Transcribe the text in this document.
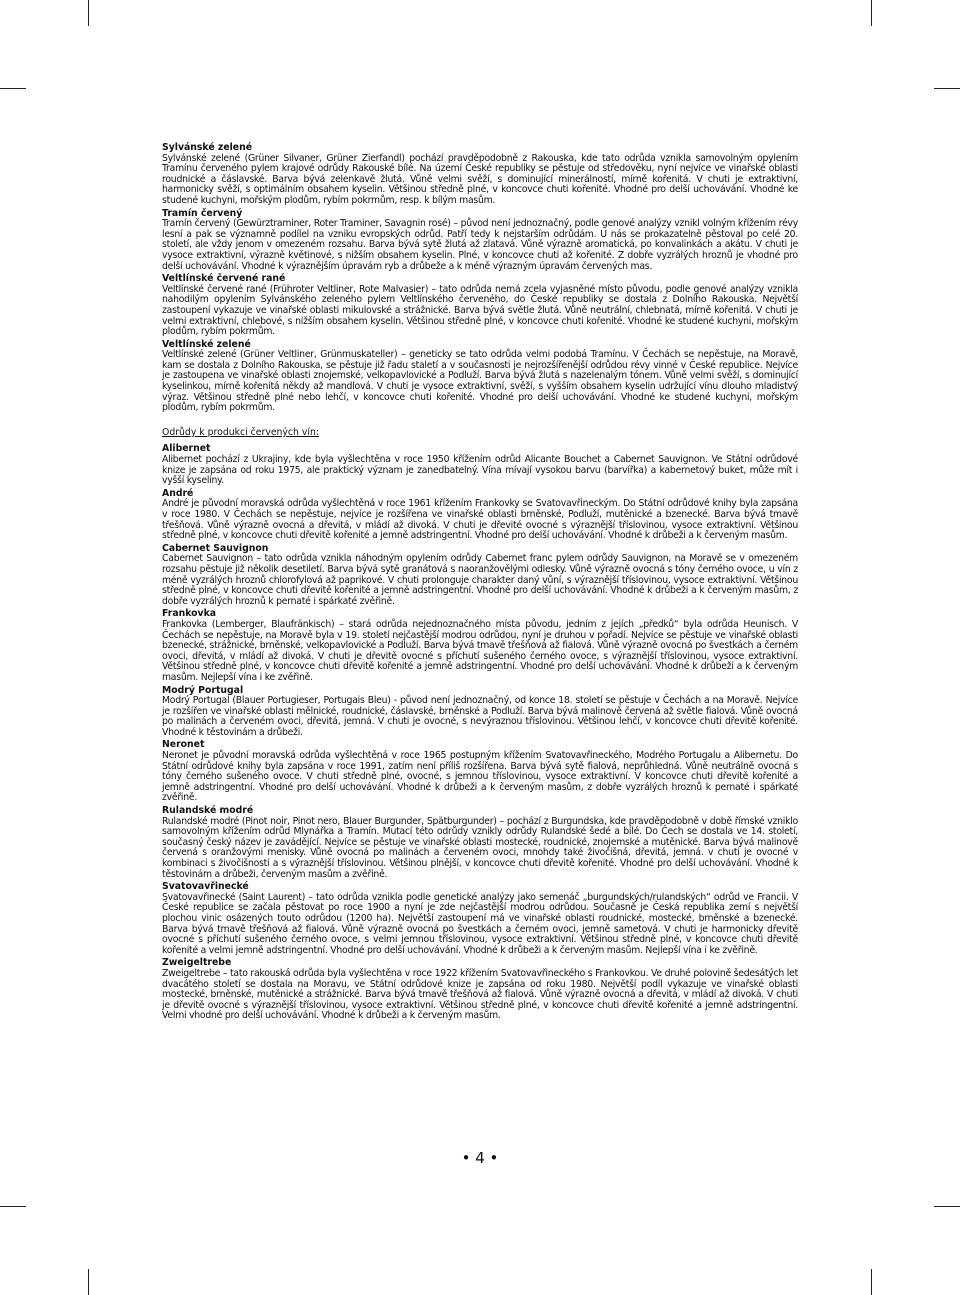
Sylvánské zelené

Sylvánské zelené (Grüner Silvaner, Grüner Zierfandl) pochází pravděpodobně z Rakouska, kde tato odrůda vznikla samovolným opylením Tramínu červeného pylem krajové odrůdy Rakouské bílé. Na území České republiky se pěstuje od středověku, nyní nejvíce ve vinařské oblasti roudnické a čáslavské. Barva bývá zelenkavě žlutá. Vůně velmi svěží, s dominující minerálností, mírně kořenitá. V chuti je extraktivní, harmonicky svěží, s optimálním obsahem kyselin. Většinou středně plné, v koncovce chuti kořenité. Vhodné pro delší uchovávání. Vhodné ke studené kuchyni, mořským plodům, rybím pokrmům, resp. k bílým masům.

Tramín červený

Tramín červený (Gewürztraminer, Roter Traminer, Savagnin rosé) – původ není jednoznačný, podle genové analýzy vznikl volným křížením révy lesní a pak se významně podílel na vzniku evropských odrůd. Patří tedy k nejstarším odrůdám. U nás se prokazatelně pěstoval po celé 20. století, ale vždy jenom v omezeném rozsahu. Barva bývá sytě žlutá až zlatavá. Vůně výrazně aromatická, po konvalinkách a akátu. V chuti je vysoce extraktivní, výrazně květinové, s nižším obsahem kyselin. Plné, v koncovce chuti až kořenité. Z dobře vyzrálých hroznů je vhodné pro delší uchovávání. Vhodné k výraznějším úpravám ryb a drůbeže a k méně výrazným úpravám červených mas.

Veltlínské červené rané

Veltlínské červené rané (Frühroter Veltliner, Rote Malvasier) – tato odrůda nemá zcela vyjasněné místo původu, podle genové analýzy vznikla nahodilým opylením Sylvánského zeleného pylem Veltlínského červeného, do České republiky se dostala z Dolního Rakouska. Největší zastoupení vykazuje ve vinařské oblasti mikulovské a strážnické. Barva bývá světle žlutá. Vůně neutrální, chlebnatá, mírně kořenitá. V chuti je velmi extraktivní, chlebové, s nižším obsahem kyselin. Většinou středně plné, v koncovce chuti kořenité. Vhodné ke studené kuchyni, mořským plodům, rybím pokrmům.

Veltlínské zelené

Veltlínské zelené (Grüner Veltliner, Grünmuskateller) – geneticky se tato odrůda velmi podobá Tramínu. V Čechách se nepěstuje, na Moravě, kam se dostala z Dolního Rakouska, se pěstuje již řadu staletí a v současnosti je nejrozšířenější odrůdou révy vinné v České republice. Nejvíce je zastoupena ve vinařské oblasti znojemské, velkopavlovické a Podluží. Barva bývá žlutá s nazelenalým tónem. Vůně velmi svěží, s dominující kyselinkou, mírně kořenitá někdy až mandlová. V chuti je vysoce extraktivní, svěží, s vyšším obsahem kyselin udržující vínu dlouho mladistvý výraz. Většinou středně plné nebo lehčí, v koncovce chuti kořenité. Vhodné pro delší uchovávání. Vhodné ke studené kuchyni, mořským plodům, rybím pokrmům.

Odrůdy k produkci červených vín:

Alibernet

Alibernet pochází z Ukrajiny, kde byla vyšlechtěna v roce 1950 křížením odrůd Alicante Bouchet a Cabernet Sauvignon. Ve Státní odrůdové knize je zapsána od roku 1975, ale praktický význam je zanedbatelný. Vína mívají vysokou barvu (barvířka) a kabernetový buket, může mít i vyšší kyseliny.

André

André je původní moravská odrůda vyšlechtěná v roce 1961 křížením Frankovky se Svatovavřineckým. Do Státní odrůdové knihy byla zapsána v roce 1980. V Čechách se nepěstuje, nejvíce je rozšířena ve vinařské oblasti brněnské, Podluží, mutěnické a bzenecké. Barva bývá tmavě třešňová. Vůně výrazně ovocná a dřevitá, v mládí až divoká. V chuti je dřevité ovocné s výraznější tříslovinou, vysoce extraktivní. Většinou středně plné, v koncovce chuti dřevitě kořenité a jemně adstringentní. Vhodné pro delší uchovávání. Vhodné k drůbeži a k červeným masům.

Cabernet Sauvignon

Cabernet Sauvignon – tato odrůda vznikla náhodným opylením odrůdy Cabernet franc pylem odrůdy Sauvignon, na Moravě se v omezeném rozsahu pěstuje již několik desetiletí. Barva bývá sytě granátová s naoranžovělými odlesky. Vůně výrazně ovocná s tóny černého ovoce, u vín z méně vyzrálých hroznů chlorofylová až paprikové. V chuti prolonguje charakter daný vůní, s výraznější tříslovinou, vysoce extraktivní. Většinou středně plné, v koncovce chuti dřevitě kořenité a jemně adstringentní. Vhodné pro delší uchovávání. Vhodné k drůbeži a k červeným masům, z dobře vyzrálých hroznů k pernaté i spárkaté zvěřině.

Frankovka

Frankovka (Lemberger, Blaufränkisch) – stará odrůda nejednoznačného místa původu, jedním z jejích „předků“ byla odrůda Heunisch. V Čechách se nepěstuje, na Moravě byla v 19. století nejčastější modrou odrůdou, nyní je druhou v pořadí. Nejvíce se pěstuje ve vinařské oblasti bzenecké, strážnické, brněnské, velkopavlovické a Podluží. Barva bývá tmavě třešňová až fialová. Vůně výrazně ovocná po švestkách a černém ovoci, dřevitá, v mládí až divoká. V chuti je dřevitě ovocné s příchutí sušeného černého ovoce, s výraznější tříslovinou, vysoce extraktivní. Většinou středně plné, v koncovce chuti dřevitě kořenité a jemně adstringentní. Vhodné pro delší uchovávání. Vhodné k drůbeži a k červeným masům. Nejlepší vína i ke zvěřině.

Modrý Portugal

Modrý Portugal (Blauer Portugieser, Portugais Bleu) - původ není jednoznačný, od konce 18. století se pěstuje v Čechách a na Moravě. Nejvíce je rozšířen ve vinařské oblasti mělnické, roudnické, čáslavské, brněnské a Podluží. Barva bývá malinově červená až světle fialová. Vůně ovocná po malinách a červeném ovoci, dřevitá, jemná. V chuti je ovocné, s nevýraznou tříslovinou. Většinou lehčí, v koncovce chuti dřevitě kořenité. Vhodné k těstovinám a drůbeži.

Neronet

Neronet je původní moravská odrůda vyšlechtěná v roce 1965 postupným křížením Svatovavřineckého, Modrého Portugalu a Alibernetu. Do Státní odrůdové knihy byla zapsána v roce 1991, zatím není příliš rozšířena. Barva bývá sytě fialová, neprůhledná. Vůně neutrálně ovocná s tóny černého sušeného ovoce. V chuti středně plné, ovocné, s jemnou tříslovinou, vysoce extraktivní. V koncovce chuti dřevitě kořenité a jemně adstringentní. Vhodné pro delší uchovávání. Vhodné k drůbeži a k červeným masům, z dobře vyzrálých hroznů k pernaté i spárkaté zvěřině.

Rulandské modré

Rulandské modré (Pinot noir, Pinot nero, Blauer Burgunder, Spätburgunder) – pochází z Burgundska, kde pravděpodobně v době římské vzniklo samovolným křížením odrůd Mlynářka a Tramín. Mutací této odrůdy vznikly odrůdy Rulandské šedé a bílé. Do Čech se dostala ve 14. století, současný český název je zavádějící. Nejvíce se pěstuje ve vinařské oblasti mostecké, roudnické, znojemské a mutěnické. Barva bývá malinově červená s oranžovými menisky. Vůně ovocná po malinách a červeném ovoci, mnohdy také živočišná, dřevitá, jemná. v chuti je ovocné v kombinaci s živočišností a s výraznější tříslovinou. Většinou plnější, v koncovce chuti dřevitě kořenité. Vhodné pro delší uchovávání. Vhodné k těstovinám a drůbeži, červeným masům a zvěřině.

Svatovavřinecké

Svatovavřinecké (Saint Laurent) – tato odrůda vznikla podle genetické analýzy jako semenáč „burgundských/rulandských“ odrůd ve Francii. V České republice se začala pěstovat po roce 1900 a nyní je zde nejčastější modrou odrůdou. Současně je Česká republika zemí s největší plochou vinic osázených touto odrůdou (1200 ha). Největší zastoupení má ve vinařské oblasti roudnické, mostecké, brněnské a bzenecké. Barva bývá tmavě třešňová až fialová. Vůně výrazně ovocná po švestkách a černém ovoci, jemně sametová. V chuti je harmonicky dřevitě ovocné s příchutí sušeného černého ovoce, s velmi jemnou tříslovinou, vysoce extraktivní. Většinou středně plné, v koncovce chuti dřevitě kořenité a velmi jemně adstringentní. Vhodné pro delší uchovávání. Vhodné k drůbeži a k červeným masům. Nejlepší vína i ke zvěřině.

Zweigeltrebe

Zweigeltrebe – tato rakouská odrůda byla vyšlechtěna v roce 1922 křížením Svatovavřineckého s Frankovkou. Ve druhé polovině šedesátých let dvacátého století se dostala na Moravu, ve Státní odrůdové knize je zapsána od roku 1980. Největší podíl vykazuje ve vinařské oblasti mostecké, brněnské, mutěnické a strážnické. Barva bývá tmavě třešňová až fialová. Vůně výrazně ovocná a dřevitá, v mládí až divoká. V chuti je dřevitě ovocné s výraznější tříslovinou, vysoce extraktivní. Většinou středně plné, v koncovce chuti dřevitě kořenité a jemně adstringentní. Velmi vhodné pro delší uchovávání. Vhodné k drůbeži a k červeným masům.

• 4 •
